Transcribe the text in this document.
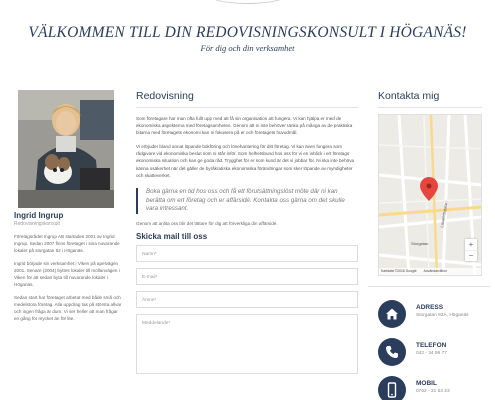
VÄLKOMMEN TILL DIN REDOVISNINGSKONSULT I HÖGANÄS!
För dig och din verksamhet
Ingrid Ingrup
Redovisningskonsult

Företagsrådet Ingrup AB startades 2001 av Ingrid Ingrup. Sedan 2007 finns företaget i sina nuvarande lokaler på storgatan 62 i Höganäs.

Ingrid började sin verksamhet i Viken på apelvägen 2001. Senare (2004) byttes lokaler till möllanvägen i Viken för att sedan byta till nuvarande lokaler i Höganäs.

Sedan start har företaget arbetat med både små och medelstora företag. Alla uppdrag tas på största allvar och ingen fråga är dum. Vi ser heller att man frågar en gång för mycket än för lite.

Redovisning

Som företagare har man ofta fullt upp med att få sin organisation att fungera. Vi kan hjälpa er med de ekonomiska aspekterna med företagsamheten. Genom att ni inte behöver tänka på många av de praktiska bitarna med företagets ekonomi kan ni fokusera på er och företagets huvudmål.

Vi erbjuder bland annat löpande bokföring och lönehantering för ditt företag. Vi kan även fungera som rådgivare vid ekonomiska beslut som ni står inför. Som helhetsbund hos oss för vi en inblick i ert företags ekonomiska situation och kan ge goda råd. Trygghet för er som kund är det vi jobbar för. Ni ska inte behöva känna osäkerhet när det gäller de byråkratiska ekonomiska förändringar som sker löpande av myndigheter och skatteverket.

Boka gärna en tid hos oss och få ett förutsättningslöst möte där ni kan berätta om ert företag och er affärsidé. Kontakta oss gärna om det skulle vara intressant.
Genom att anlita oss blir det lättare för dig att förverkliga din affärsidé.
Skicka mail till oss
Namn*
E-mail*
Ämne*
Meddelande*
Kontakta mig
Storgatan
Lasarettsgatan
+
−
Kartdata ©2016 Google Användarvillkor
ADRESS
Storgatan 62A, Höganäs
TELEFON
042 - 34 96 77
MOBIL
0762 - 31 53 23
